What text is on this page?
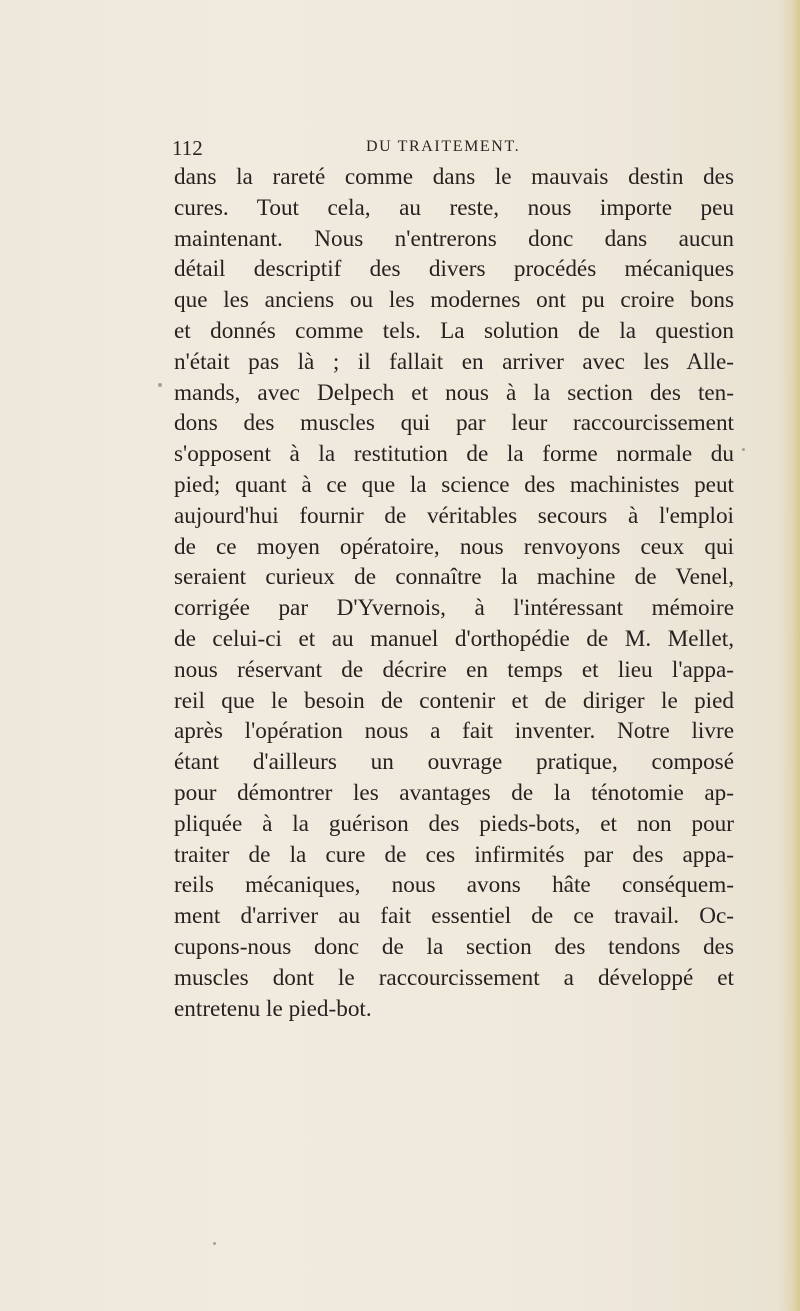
112	DU TRAITEMENT.
dans la rareté comme dans le mauvais destin des
cures. Tout cela, au reste, nous importe peu
maintenant. Nous n'entrerons donc dans aucun
détail descriptif des divers procédés mécaniques
que les anciens ou les modernes ont pu croire bons
et donnés comme tels. La solution de la question
n'était pas là ; il fallait en arriver avec les Alle-
mands, avec Delpech et nous à la section des ten-
dons des muscles qui par leur raccourcissement
s'opposent à la restitution de la forme normale du
pied; quant à ce que la science des machinistes peut
aujourd'hui fournir de véritables secours à l'emploi
de ce moyen opératoire, nous renvoyons ceux qui
seraient curieux de connaître la machine de Venel,
corrigée par D'Yvernois, à l'intéressant mémoire
de celui-ci et au manuel d'orthopédie de M. Mellet,
nous réservant de décrire en temps et lieu l'appa-
reil que le besoin de contenir et de diriger le pied
après l'opération nous a fait inventer. Notre livre
étant d'ailleurs un ouvrage pratique, composé
pour démontrer les avantages de la ténotomie ap-
pliquée à la guérison des pieds-bots, et non pour
traiter de la cure de ces infirmités par des appa-
reils mécaniques, nous avons hâte conséquem-
ment d'arriver au fait essentiel de ce travail. Oc-
cupons-nous donc de la section des tendons des
muscles dont le raccourcissement a développé et
entretenu le pied-bot.
